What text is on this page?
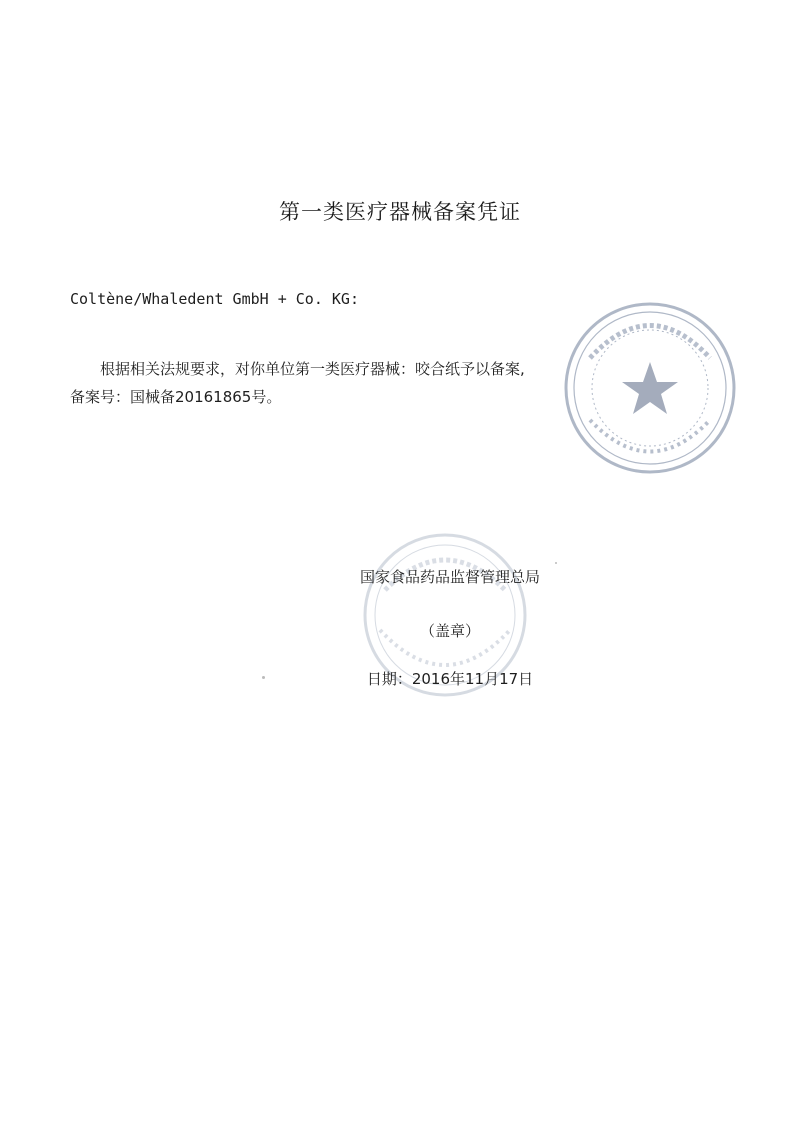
第一类医疗器械备案凭证
Coltène/Whaledent GmbH + Co. KG:
根据相关法规要求，对你单位第一类医疗器械：咬合纸予以备案,
备案号：国械备20161865号。
国家食品药品监督管理总局
（盖章）
日期：2016年11月17日
